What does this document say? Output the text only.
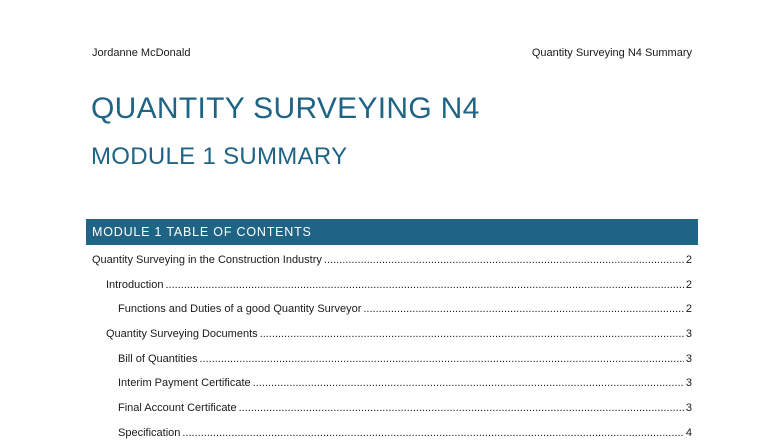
Jordanne McDonald	Quantity Surveying N4 Summary
QUANTITY SURVEYING N4
MODULE 1 SUMMARY
MODULE 1 TABLE OF CONTENTS
Quantity Surveying in the Construction Industry .....	2
Introduction .....	2
Functions and Duties of a good Quantity Surveyor .....	2
Quantity Surveying Documents .....	3
Bill of Quantities .....	3
Interim Payment Certificate .....	3
Final Account Certificate .....	3
Specification .....	4
